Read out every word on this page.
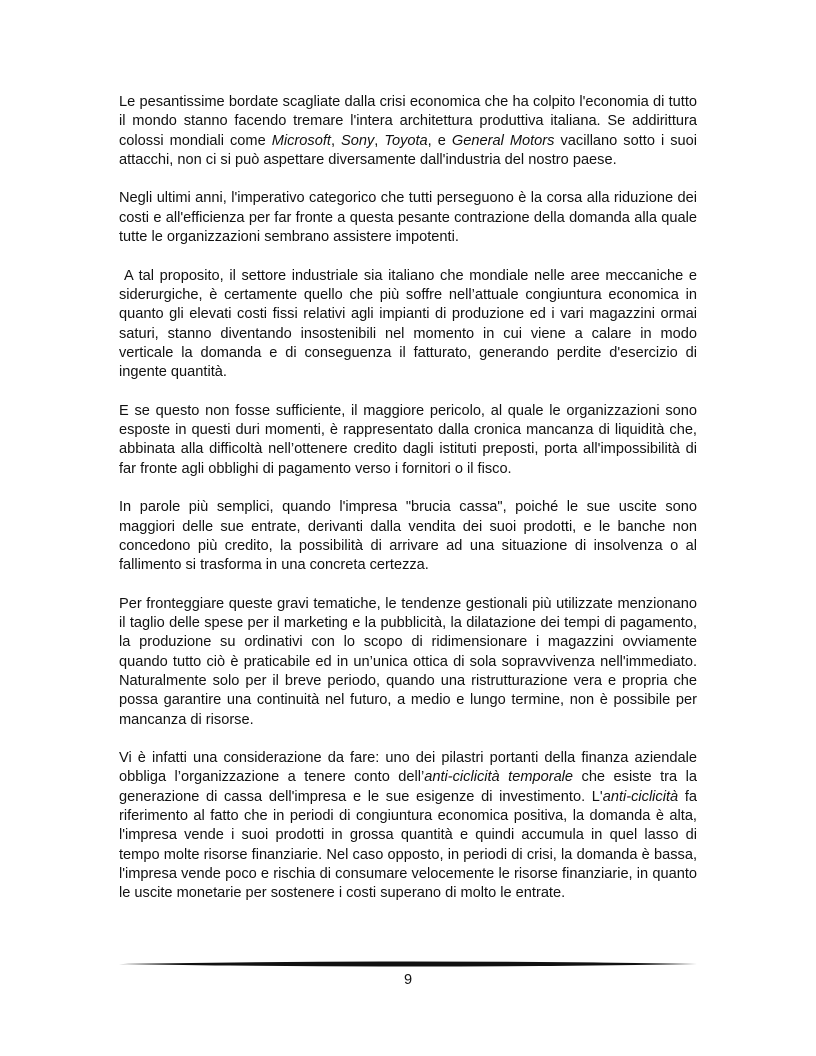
Le pesantissime bordate scagliate dalla crisi economica che ha colpito l'economia di tutto il mondo stanno facendo tremare l'intera architettura produttiva italiana. Se addirittura colossi mondiali come Microsoft, Sony, Toyota, e General Motors vacillano sotto i suoi attacchi, non ci si può aspettare diversamente dall'industria del nostro paese.

Negli ultimi anni, l'imperativo categorico che tutti perseguono è la corsa alla riduzione dei costi e all'efficienza per far fronte a questa pesante contrazione della domanda alla quale tutte le organizzazioni sembrano assistere impotenti.

A tal proposito, il settore industriale sia italiano che mondiale nelle aree meccaniche e siderurgiche, è certamente quello che più soffre nell’attuale congiuntura economica in quanto gli elevati costi fissi relativi agli impianti di produzione ed i vari magazzini ormai saturi, stanno diventando insostenibili nel momento in cui viene a calare in modo verticale la domanda e di conseguenza il fatturato, generando perdite d'esercizio di ingente quantità.

E se questo non fosse sufficiente, il maggiore pericolo, al quale le organizzazioni sono esposte in questi duri momenti, è rappresentato dalla cronica mancanza di liquidità che, abbinata alla difficoltà nell’ottenere credito dagli istituti preposti, porta all'impossibilità di far fronte agli obblighi di pagamento verso i fornitori o il fisco.

In parole più semplici, quando l'impresa "brucia cassa", poiché le sue uscite sono maggiori delle sue entrate, derivanti dalla vendita dei suoi prodotti, e le banche non concedono più credito, la possibilità di arrivare ad una situazione di insolvenza o al fallimento si trasforma in una concreta certezza.

Per fronteggiare queste gravi tematiche, le tendenze gestionali più utilizzate menzionano il taglio delle spese per il marketing e la pubblicità, la dilatazione dei tempi di pagamento, la produzione su ordinativi con lo scopo di ridimensionare i magazzini ovviamente quando tutto ciò è praticabile ed in un’unica ottica di sola sopravvivenza nell'immediato. Naturalmente solo per il breve periodo, quando una ristrutturazione vera e propria che possa garantire una continuità nel futuro, a medio e lungo termine, non è possibile per mancanza di risorse.

Vi è infatti una considerazione da fare: uno dei pilastri portanti della finanza aziendale obbliga l’organizzazione a tenere conto dell’anti-ciclicità temporale che esiste tra la generazione di cassa dell'impresa e le sue esigenze di investimento. L'anti-ciclicità fa riferimento al fatto che in periodi di congiuntura economica positiva, la domanda è alta, l'impresa vende i suoi prodotti in grossa quantità e quindi accumula in quel lasso di tempo molte risorse finanziarie. Nel caso opposto, in periodi di crisi, la domanda è bassa, l'impresa vende poco e rischia di consumare velocemente le risorse finanziarie, in quanto le uscite monetarie per sostenere i costi superano di molto le entrate.

9
